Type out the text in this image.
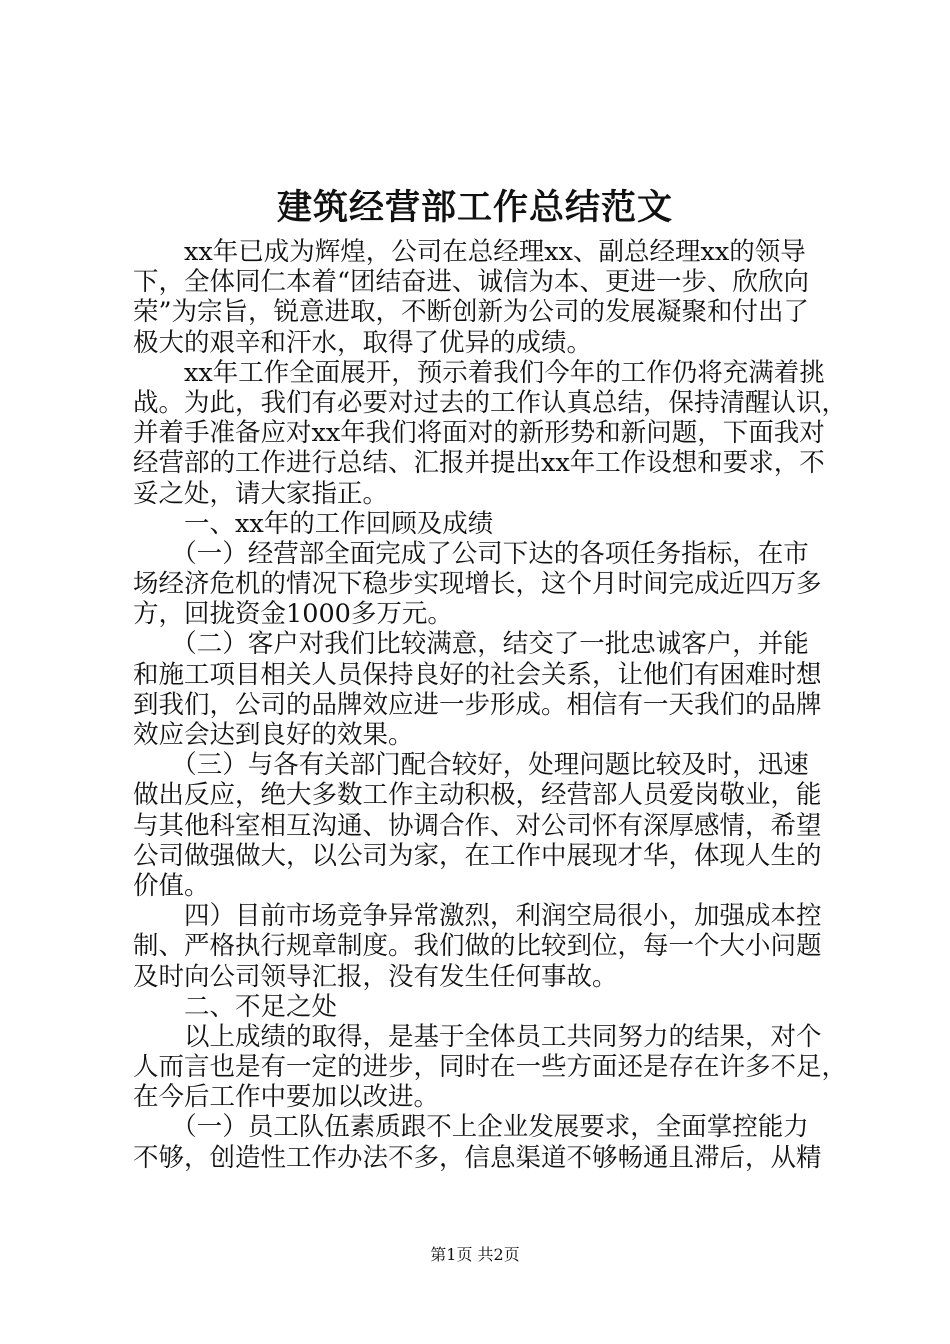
建筑经营部工作总结范文
　　xx年已成为辉煌，公司在总经理xx、副总经理xx的领导
下，全体同仁本着“团结奋进、诚信为本、更进一步、欣欣向
荣”为宗旨，锐意进取，不断创新为公司的发展凝聚和付出了
极大的艰辛和汗水，取得了优异的成绩。
　　xx年工作全面展开，预示着我们今年的工作仍将充满着挑
战。为此，我们有必要对过去的工作认真总结，保持清醒认识，
并着手准备应对xx年我们将面对的新形势和新问题，下面我对
经营部的工作进行总结、汇报并提出xx年工作设想和要求，不
妥之处，请大家指正。
　　一、xx年的工作回顾及成绩
　　（一）经营部全面完成了公司下达的各项任务指标，在市
场经济危机的情况下稳步实现增长，这个月时间完成近四万多
方，回拢资金1000多万元。
　　（二）客户对我们比较满意，结交了一批忠诚客户，并能
和施工项目相关人员保持良好的社会关系，让他们有困难时想
到我们，公司的品牌效应进一步形成。相信有一天我们的品牌
效应会达到良好的效果。
　　（三）与各有关部门配合较好，处理问题比较及时，迅速
做出反应，绝大多数工作主动积极，经营部人员爱岗敬业，能
与其他科室相互沟通、协调合作、对公司怀有深厚感情，希望
公司做强做大，以公司为家，在工作中展现才华，体现人生的
价值。
　　四）目前市场竞争异常激烈，利润空局很小，加强成本控
制、严格执行规章制度。我们做的比较到位，每一个大小问题
及时向公司领导汇报，没有发生任何事故。
　　二、不足之处
　　以上成绩的取得，是基于全体员工共同努力的结果，对个
人而言也是有一定的进步，同时在一些方面还是存在许多不足，
在今后工作中要加以改进。
　　（一）员工队伍素质跟不上企业发展要求，全面掌控能力
不够，创造性工作办法不多，信息渠道不够畅通且滞后，从精
第1页 共2页
